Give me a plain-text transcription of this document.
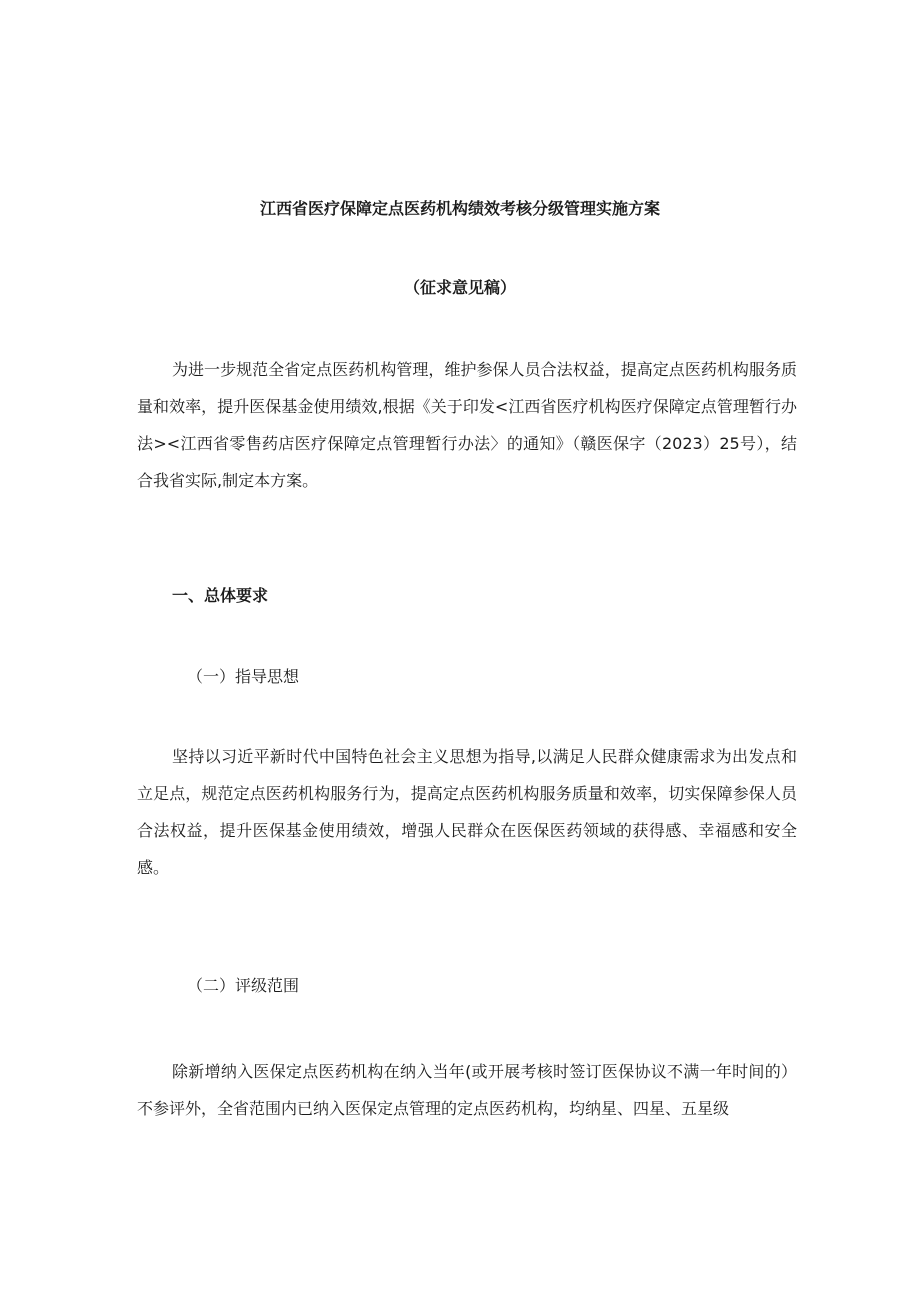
江西省医疗保障定点医药机构绩效考核分级管理实施方案
（征求意见稿）

为进一步规范全省定点医药机构管理，维护参保人员合法权益，提高定点医药机构服务质量和效率，提升医保基金使用绩效,根据《关于印发<江西省医疗机构医疗保障定点管理暂行办法><江西省零售药店医疗保障定点管理暂行办法〉的通知》（赣医保字（2023）25号），结合我省实际,制定本方案。

一、总体要求
（一）指导思想

坚持以习近平新时代中国特色社会主义思想为指导,以满足人民群众健康需求为出发点和立足点，规范定点医药机构服务行为，提高定点医药机构服务质量和效率，切实保障参保人员合法权益，提升医保基金使用绩效，增强人民群众在医保医药领域的获得感、幸福感和安全感。

（二）评级范围

除新增纳入医保定点医药机构在纳入当年(或开展考核时签订医保协议不满一年时间的）不参评外，全省范围内已纳入医保定点管理的定点医药机构，均纳星、四星、五星级
